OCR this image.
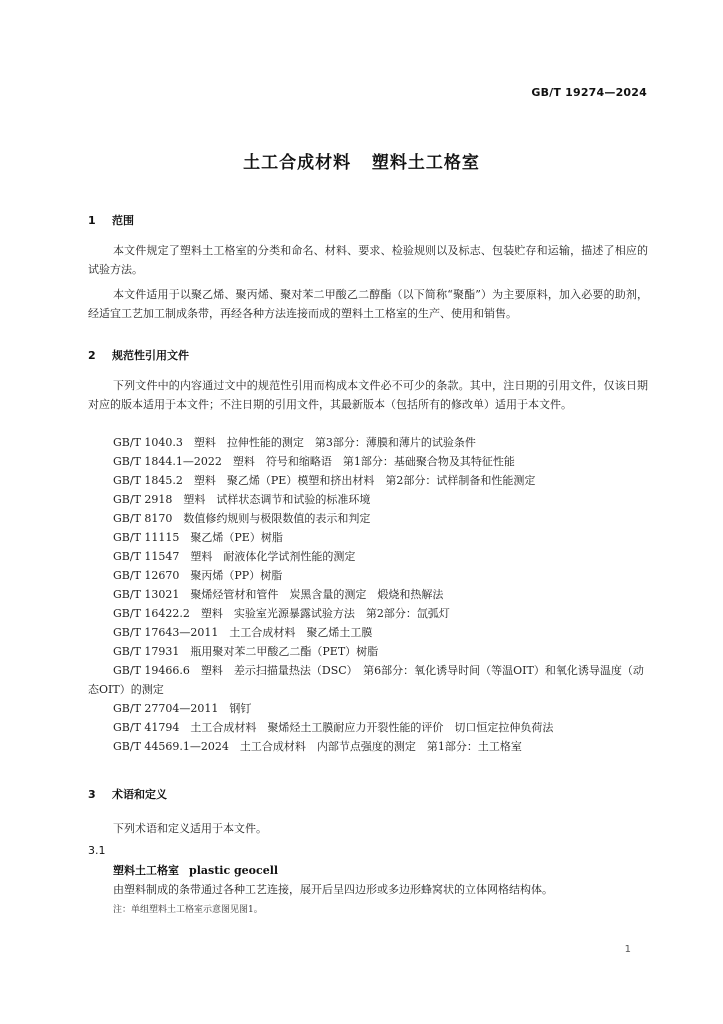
GB/T 19274—2024
土工合成材料   塑料土工格室
1 范围
本文件规定了塑料土工格室的分类和命名、材料、要求、检验规则以及标志、包装贮存和运输，描述了相应的试验方法。
本文件适用于以聚乙烯、聚丙烯、聚对苯二甲酸乙二醇酯（以下简称“聚酯”）为主要原料，加入必要的助剂，经适宜工艺加工制成条带，再经各种方法连接而成的塑料土工格室的生产、使用和销售。
2 规范性引用文件
下列文件中的内容通过文中的规范性引用而构成本文件必不可少的条款。其中，注日期的引用文件，仅该日期对应的版本适用于本文件；不注日期的引用文件，其最新版本（包括所有的修改单）适用于本文件。
GB/T 1040.3　塑料　拉伸性能的测定　第3部分：薄膜和薄片的试验条件
GB/T 1844.1—2022　塑料　符号和缩略语　第1部分：基础聚合物及其特征性能
GB/T 1845.2　塑料　聚乙烯（PE）模塑和挤出材料　第2部分：试样制备和性能测定
GB/T 2918　塑料　试样状态调节和试验的标准环境
GB/T 8170　数值修约规则与极限数值的表示和判定
GB/T 11115　聚乙烯（PE）树脂
GB/T 11547　塑料　耐液体化学试剂性能的测定
GB/T 12670　聚丙烯（PP）树脂
GB/T 13021　聚烯烃管材和管件　炭黑含量的测定　煅烧和热解法
GB/T 16422.2　塑料　实验室光源暴露试验方法　第2部分：氙弧灯
GB/T 17643—2011　土工合成材料　聚乙烯土工膜
GB/T 17931　瓶用聚对苯二甲酸乙二酯（PET）树脂
GB/T 19466.6　塑料　差示扫描量热法（DSC）　第6部分：氧化诱导时间（等温OIT）和氧化诱导温度（动态OIT）的测定
GB/T 27704—2011　钢钉
GB/T 41794　土工合成材料　聚烯烃土工膜耐应力开裂性能的评价　切口恒定拉伸负荷法
GB/T 44569.1—2024　土工合成材料　内部节点强度的测定　第1部分：土工格室
3 术语和定义
下列术语和定义适用于本文件。
3.1
塑料土工格室 plastic geocell
由塑料制成的条带通过各种工艺连接，展开后呈四边形或多边形蜂窝状的立体网格结构体。
注：单组塑料土工格室示意图见图1。
1
